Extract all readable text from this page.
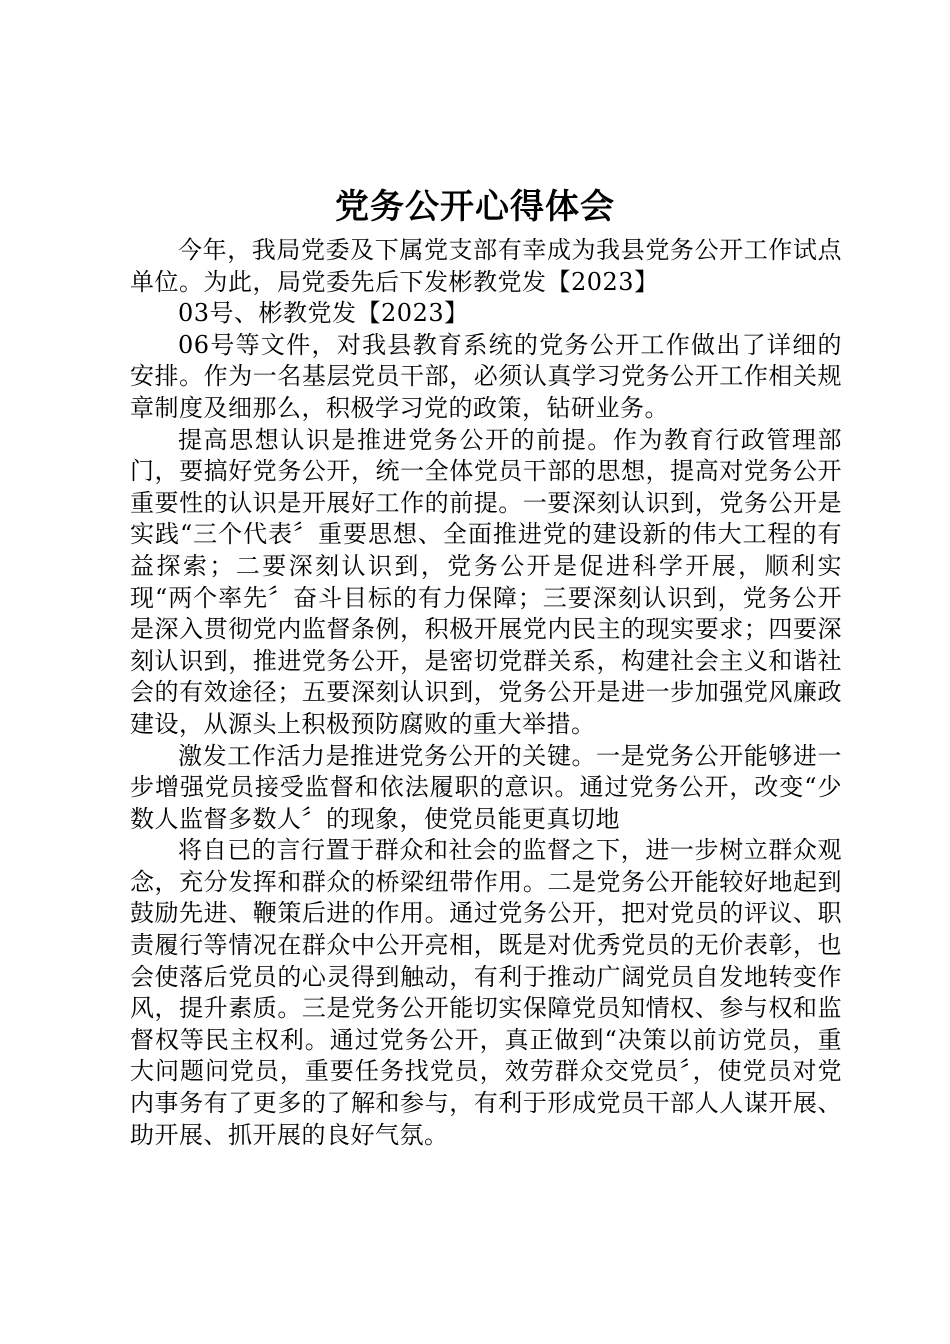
党务公开心得体会

今年，我局党委及下属党支部有幸成为我县党务公开工作试点单位。为此，局党委先后下发彬教党发【2023】

03号、彬教党发【2023】

06号等文件，对我县教育系统的党务公开工作做出了详细的安排。作为一名基层党员干部，必须认真学习党务公开工作相关规章制度及细那么，积极学习党的政策，钻研业务。

提高思想认识是推进党务公开的前提。作为教育行政管理部门，要搞好党务公开，统一全体党员干部的思想，提高对党务公开重要性的认识是开展好工作的前提。一要深刻认识到，党务公开是实践“三个代表〞重要思想、全面推进党的建设新的伟大工程的有益探索；二要深刻认识到，党务公开是促进科学开展，顺利实现“两个率先〞奋斗目标的有力保障；三要深刻认识到，党务公开是深入贯彻党内监督条例，积极开展党内民主的现实要求；四要深刻认识到，推进党务公开，是密切党群关系，构建社会主义和谐社会的有效途径；五要深刻认识到，党务公开是进一步加强党风廉政建设，从源头上积极预防腐败的重大举措。

激发工作活力是推进党务公开的关键。一是党务公开能够进一步增强党员接受监督和依法履职的意识。通过党务公开，改变“少数人监督多数人〞的现象，使党员能更真切地

将自已的言行置于群众和社会的监督之下，进一步树立群众观念，充分发挥和群众的桥梁纽带作用。二是党务公开能较好地起到鼓励先进、鞭策后进的作用。通过党务公开，把对党员的评议、职责履行等情况在群众中公开亮相，既是对优秀党员的无价表彰，也会使落后党员的心灵得到触动，有利于推动广阔党员自发地转变作风，提升素质。三是党务公开能切实保障党员知情权、参与权和监督权等民主权利。通过党务公开，真正做到“决策以前访党员，重大问题问党员，重要任务找党员，效劳群众交党员〞，使党员对党内事务有了更多的了解和参与，有利于形成党员干部人人谋开展、助开展、抓开展的良好气氛。
